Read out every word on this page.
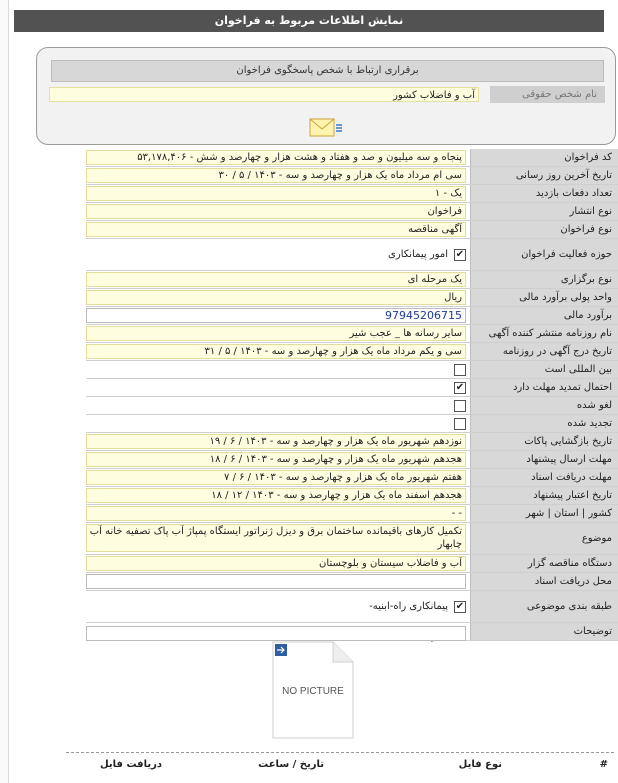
نمایش اطلاعات مربوط به فراخوان
برقراری ارتباط با شخص پاسخگوی فراخوان
نام شخص حقوقی
آب و فاضلاب کشور
کد فراخوان
۵۳,۱۷۸,۴۰۶ - پنجاه و سه میلیون و صد و هفتاد و هشت هزار و چهارصد و شش
تاریخ آخرین روز رسانی
۳۰ / ۵ / ۱۴۰۳ - سی ام مرداد ماه یک هزار و چهارصد و سه
تعداد دفعات بازدید
۱ - یک
نوع انتشار
فراخوان
نوع فراخوان
آگهی مناقصه
حوزه فعالیت فراخوان
✔
امور پیمانکاری
نوع برگزاری
یک مرحله ای
واحد پولی برآورد مالی
ریال
برآورد مالی
97945206715
نام روزنامه منتشر کننده آگهی
سایر رسانه ها _ عجب شیر
تاریخ درج آگهی در روزنامه
۳۱ / ۵ / ۱۴۰۳ - سی و یکم مرداد ماه یک هزار و چهارصد و سه
بین المللی است
احتمال تمدید مهلت دارد
✔
لغو شده
تجدید شده
تاریخ بازگشایی پاکات
۱۹ / ۶ / ۱۴۰۳ - نوزدهم شهریور ماه یک هزار و چهارصد و سه
مهلت ارسال پیشنهاد
۱۸ / ۶ / ۱۴۰۳ - هجدهم شهریور ماه یک هزار و چهارصد و سه
مهلت دریافت اسناد
۷ / ۶ / ۱۴۰۳ - هفتم شهریور ماه یک هزار و چهارصد و سه
تاریخ اعتبار پیشنهاد
۱۸ / ۱۲ / ۱۴۰۳ - هجدهم اسفند ماه یک هزار و چهارصد و سه
کشور | استان | شهر
- -
موضوع
تکمیل کارهای باقیمانده ساختمان برق و دیزل ژنراتور ایستگاه پمپاژ آب پاک تصفیه خانه آب چابهار
دستگاه مناقصه گزار
آب و فاضلاب سیستان و بلوچستان
محل دریافت اسناد
طبقه بندی موضوعی
✔
پیمانکاری راه-ابنیه-
توضیحات
NO PICTURE
#
نوع فایل
تاریخ / ساعت
دریافت فایل
